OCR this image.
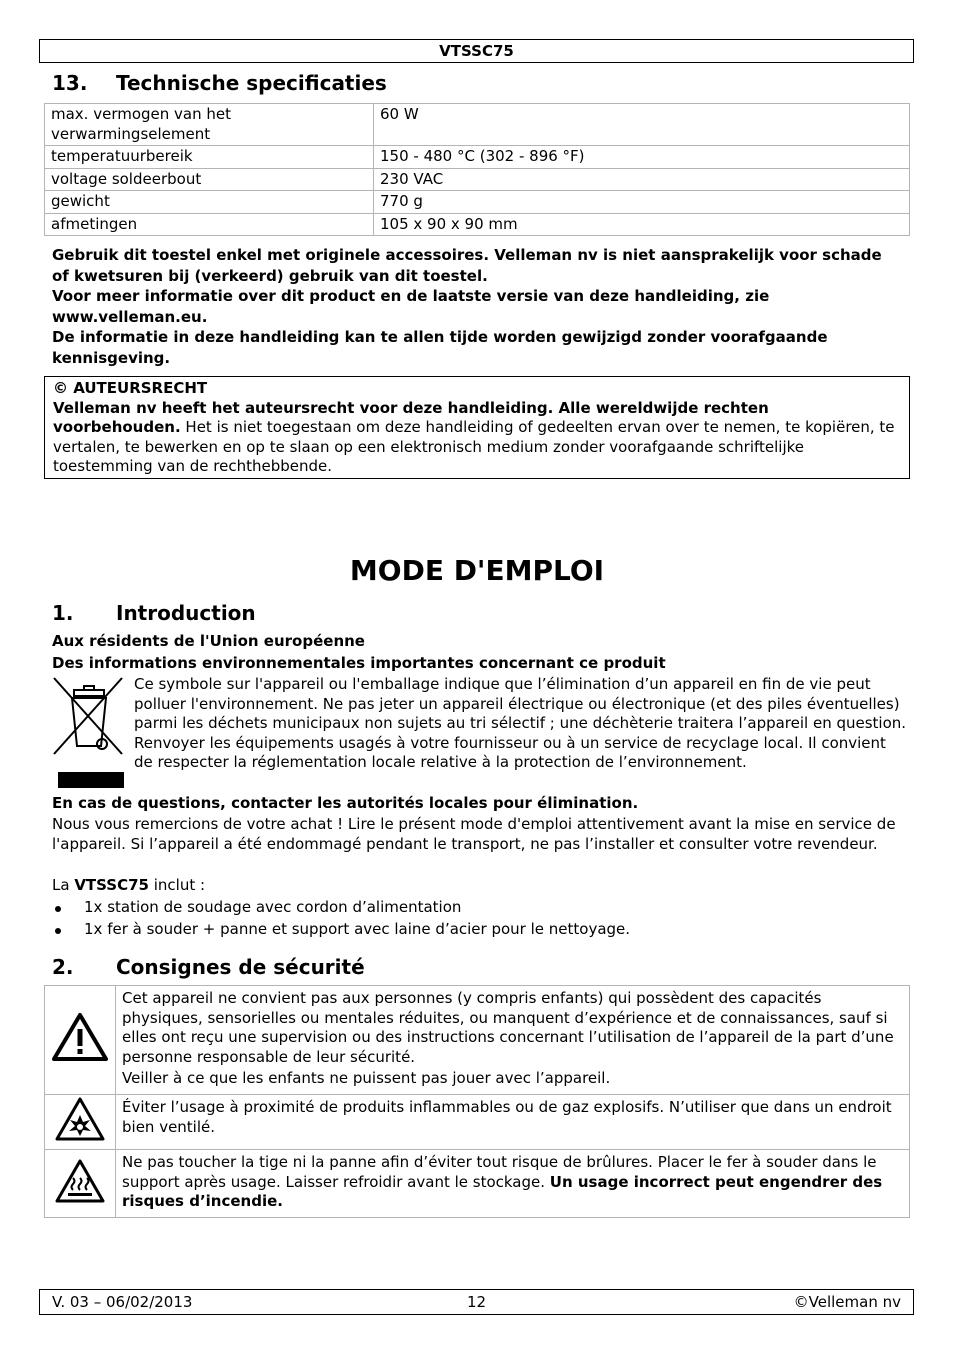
VTSSC75
13. Technische specificaties
max. vermogen van het verwarmingselement	60 W
temperatuurbereik	150 - 480 °C (302 - 896 °F)
voltage soldeerbout	230 VAC
gewicht	770 g
afmetingen	105 x 90 x 90 mm
Gebruik dit toestel enkel met originele accessoires. Velleman nv is niet aansprakelijk voor schade of kwetsuren bij (verkeerd) gebruik van dit toestel.
Voor meer informatie over dit product en de laatste versie van deze handleiding, zie www.velleman.eu.
De informatie in deze handleiding kan te allen tijde worden gewijzigd zonder voorafgaande kennisgeving.
© AUTEURSRECHT
Velleman nv heeft het auteursrecht voor deze handleiding. Alle wereldwijde rechten voorbehouden. Het is niet toegestaan om deze handleiding of gedeelten ervan over te nemen, te kopiëren, te vertalen, te bewerken en op te slaan op een elektronisch medium zonder voorafgaande schriftelijke toestemming van de rechthebbende.
MODE D'EMPLOI
1. Introduction
Aux résidents de l'Union européenne
Des informations environnementales importantes concernant ce produit
Ce symbole sur l'appareil ou l'emballage indique que l’élimination d’un appareil en fin de vie peut polluer l'environnement. Ne pas jeter un appareil électrique ou électronique (et des piles éventuelles) parmi les déchets municipaux non sujets au tri sélectif ; une déchèterie traitera l’appareil en question. Renvoyer les équipements usagés à votre fournisseur ou à un service de recyclage local. Il convient de respecter la réglementation locale relative à la protection de l’environnement.
En cas de questions, contacter les autorités locales pour élimination.
Nous vous remercions de votre achat ! Lire le présent mode d'emploi attentivement avant la mise en service de l'appareil. Si l’appareil a été endommagé pendant le transport, ne pas l’installer et consulter votre revendeur.
La VTSSC75 inclut :
1x station de soudage avec cordon d’alimentation
1x fer à souder + panne et support avec laine d’acier pour le nettoyage.
2. Consignes de sécurité

Cet appareil ne convient pas aux personnes (y compris enfants) qui possèdent des capacités physiques, sensorielles ou mentales réduites, ou manquent d’expérience et de connaissances, sauf si elles ont reçu une supervision ou des instructions concernant l’utilisation de l’appareil de la part d’une personne responsable de leur sécurité.
Veiller à ce que les enfants ne puissent pas jouer avec l’appareil.

	Éviter l’usage à proximité de produits inflammables ou de gaz explosifs. N’utiliser que dans un endroit bien ventilé.
	Ne pas toucher la tige ni la panne afin d’éviter tout risque de brûlures. Placer le fer à souder dans le support après usage. Laisser refroidir avant le stockage. Un usage incorrect peut engendrer des risques d’incendie.
V. 03 – 06/02/2013	12	©Velleman nv
